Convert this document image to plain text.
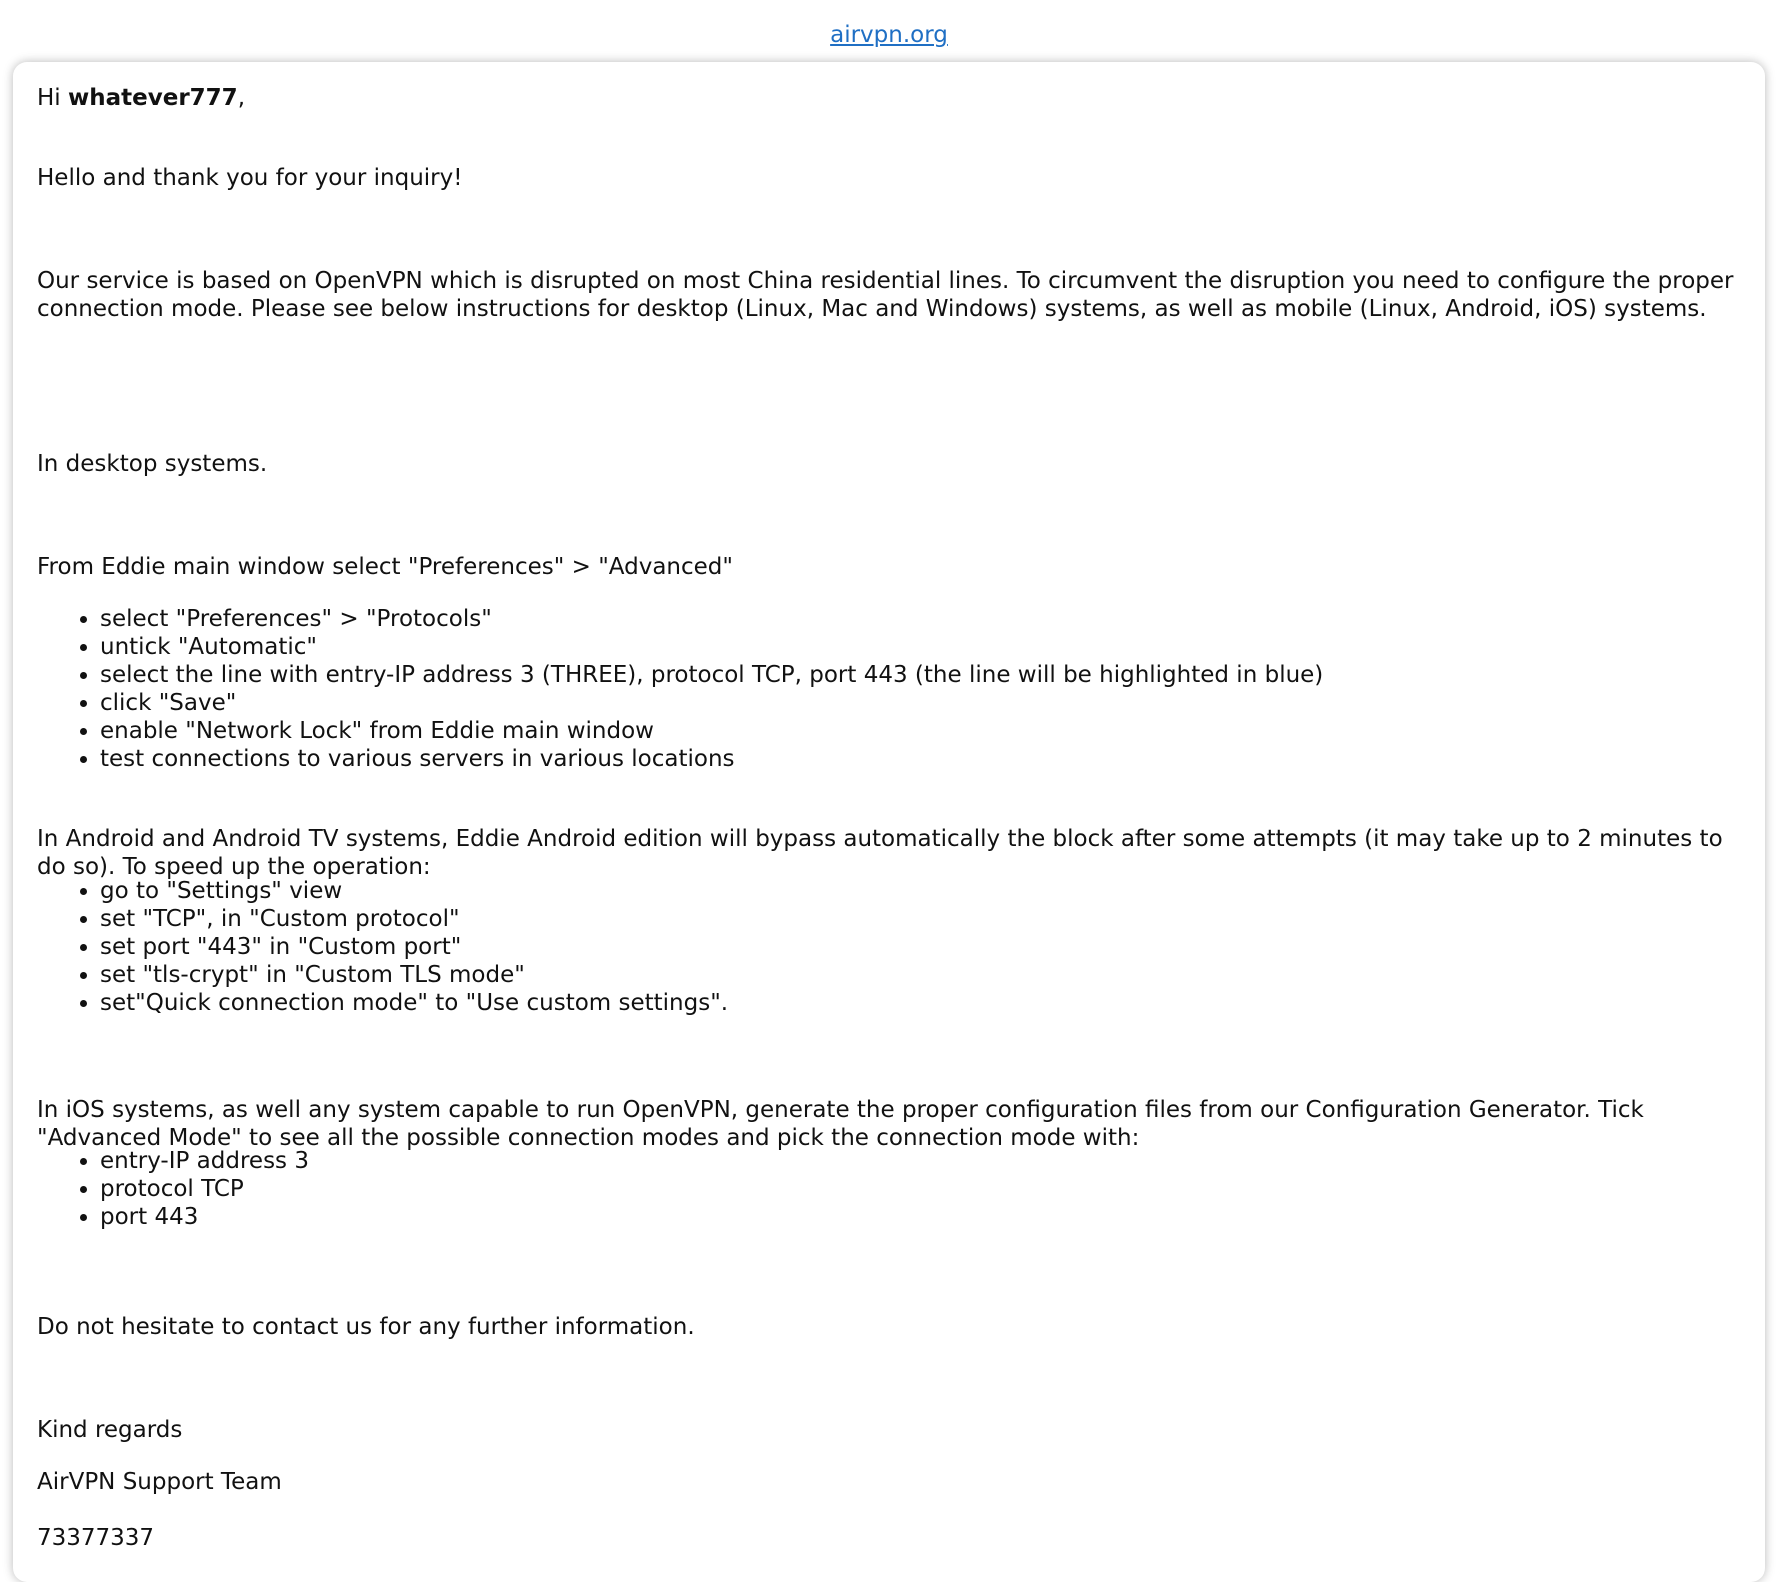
airvpn.org

Hi whatever777,

Hello and thank you for your inquiry!

Our service is based on OpenVPN which is disrupted on most China residential lines. To circumvent the disruption you need to configure the proper connection mode. Please see below instructions for desktop (Linux, Mac and Windows) systems, as well as mobile (Linux, Android, iOS) systems.

In desktop systems.

From Eddie main window select "Preferences" > "Advanced"

• select "Preferences" > "Protocols"
• untick "Automatic"
• select the line with entry-IP address 3 (THREE), protocol TCP, port 443 (the line will be highlighted in blue)
• click "Save"
• enable "Network Lock" from Eddie main window
• test connections to various servers in various locations

In Android and Android TV systems, Eddie Android edition will bypass automatically the block after some attempts (it may take up to 2 minutes to do so). To speed up the operation:

• go to "Settings" view
• set "TCP", in "Custom protocol"
• set port "443" in "Custom port"
• set "tls-crypt" in "Custom TLS mode"
• set"Quick connection mode" to "Use custom settings".

In iOS systems, as well any system capable to run OpenVPN, generate the proper configuration files from our Configuration Generator. Tick "Advanced Mode" to see all the possible connection modes and pick the connection mode with:

• entry-IP address 3
• protocol TCP
• port 443

Do not hesitate to contact us for any further information.

Kind regards

AirVPN Support Team

73377337
